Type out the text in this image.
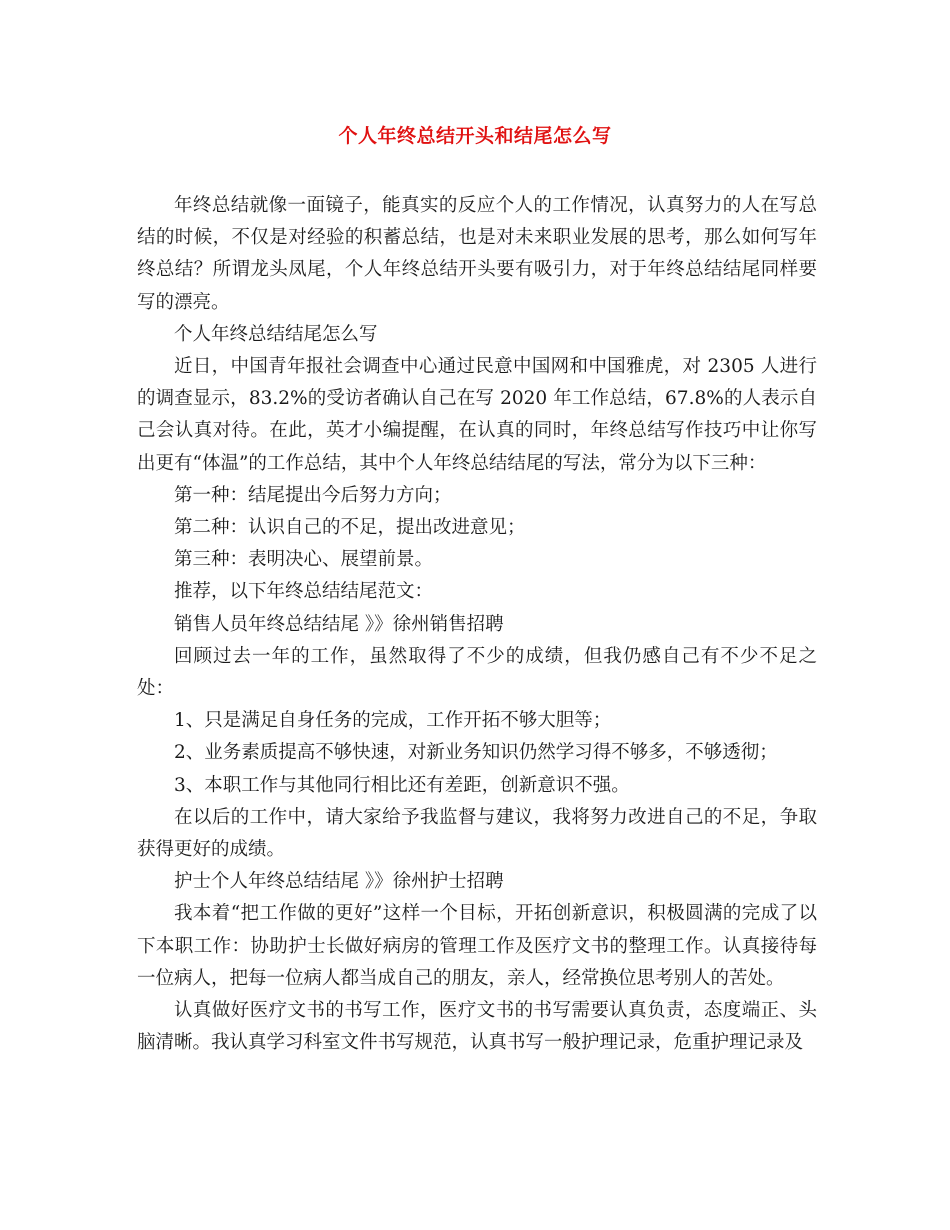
个人年终总结开头和结尾怎么写

年终总结就像一面镜子，能真实的反应个人的工作情况，认真努力的人在写总结的时候，不仅是对经验的积蓄总结，也是对未来职业发展的思考，那么如何写年终总结？所谓龙头凤尾，个人年终总结开头要有吸引力，对于年终总结结尾同样要写的漂亮。

个人年终总结结尾怎么写

近日，中国青年报社会调查中心通过民意中国网和中国雅虎，对 2305 人进行的调查显示，83.2%的受访者确认自己在写 2020 年工作总结，67.8%的人表示自己会认真对待。在此，英才小编提醒，在认真的同时，年终总结写作技巧中让你写出更有“体温”的工作总结，其中个人年终总结结尾的写法，常分为以下三种：

第一种：结尾提出今后努力方向；

第二种：认识自己的不足，提出改进意见；

第三种：表明决心、展望前景。

推荐，以下年终总结结尾范文：

销售人员年终总结结尾 》》徐州销售招聘

回顾过去一年的工作，虽然取得了不少的成绩，但我仍感自己有不少不足之处：

1、只是满足自身任务的完成，工作开拓不够大胆等；

2、业务素质提高不够快速，对新业务知识仍然学习得不够多，不够透彻；

3、本职工作与其他同行相比还有差距，创新意识不强。

在以后的工作中，请大家给予我监督与建议，我将努力改进自己的不足，争取获得更好的成绩。

护士个人年终总结结尾 》》徐州护士招聘

我本着“把工作做的更好”这样一个目标，开拓创新意识，积极圆满的完成了以下本职工作：协助护士长做好病房的管理工作及医疗文书的整理工作。认真接待每一位病人，把每一位病人都当成自己的朋友，亲人，经常换位思考别人的苦处。

认真做好医疗文书的书写工作，医疗文书的书写需要认真负责，态度端正、头脑清晰。我认真学习科室文件书写规范，认真书写一般护理记录，危重护理记录及
